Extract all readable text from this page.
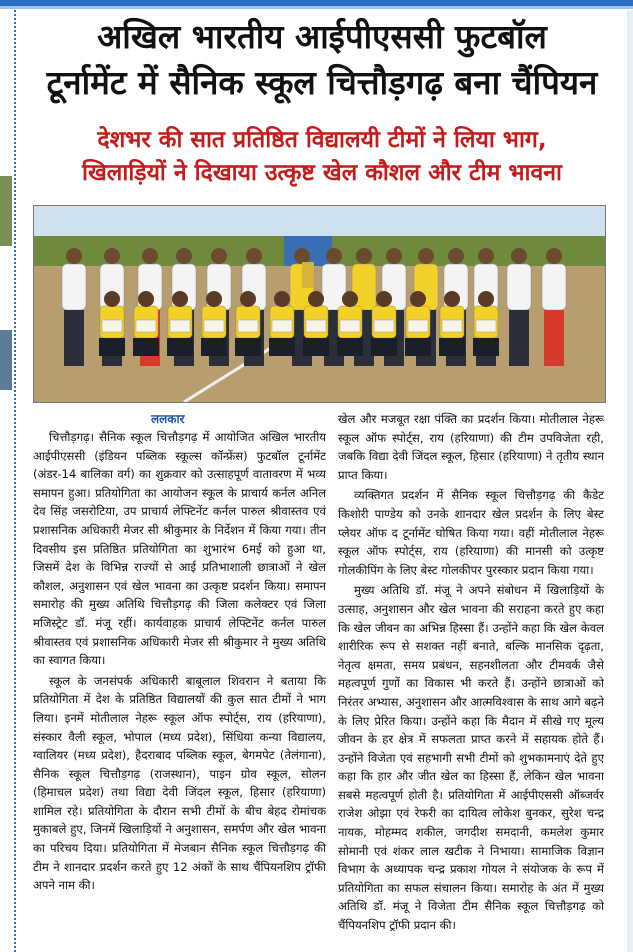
अखिल भारतीय आईपीएससी फुटबॉल
टूर्नामेंट में सैनिक स्कूल चित्तौड़गढ़ बना चैंपियन
देशभर की सात प्रतिष्ठित विद्यालयी टीमों ने लिया भाग,
खिलाड़ियों ने दिखाया उत्कृष्ट खेल कौशल और टीम भावना
ललकार

चित्तौड़गढ़। सैनिक स्कूल चित्तौड़गढ़ में आयोजित अखिल भारतीय आईपीएससी (इंडियन पब्लिक स्कूल्स कॉन्फ्रेंस) फुटबॉल टूर्नामेंट (अंडर-14 बालिका वर्ग) का शुक्रवार को उत्साहपूर्ण वातावरण में भव्य समापन हुआ। प्रतियोगिता का आयोजन स्कूल के प्राचार्य कर्नल अनिल देव सिंह जसरोटिया, उप प्राचार्य लेफ्टिनेंट कर्नल पारुल श्रीवास्तव एवं प्रशासनिक अधिकारी मेजर सी श्रीकुमार के निर्देशन में किया गया। तीन दिवसीय इस प्रतिष्ठित प्रतियोगिता का शुभारंभ 6मई को हुआ था, जिसमें देश के विभिन्न राज्यों से आई प्रतिभाशाली छात्राओं ने खेल कौशल, अनुशासन एवं खेल भावना का उत्कृष्ट प्रदर्शन किया। समापन समारोह की मुख्य अतिथि चित्तौड़गढ़ की जिला कलेक्टर एवं जिला मजिस्ट्रेट डॉ. मंजू रहीं। कार्यवाहक प्राचार्य लेफ्टिनेंट कर्नल पारुल श्रीवास्तव एवं प्रशासनिक अधिकारी मेजर सी श्रीकुमार ने मुख्य अतिथि का स्वागत किया।

स्कूल के जनसंपर्क अधिकारी बाबूलाल शिवरान ने बताया कि प्रतियोगिता में देश के प्रतिष्ठित विद्यालयों की कुल सात टीमों ने भाग लिया। इनमें मोतीलाल नेहरू स्कूल ऑफ स्पोर्ट्स, राय (हरियाणा), संस्कार वैली स्कूल, भोपाल (मध्य प्रदेश), सिंधिया कन्या विद्यालय, ग्वालियर (मध्य प्रदेश), हैदराबाद पब्लिक स्कूल, बेगमपेट (तेलंगाना), सैनिक स्कूल चित्तौड़गढ़ (राजस्थान), पाइन ग्रोव स्कूल, सोलन (हिमाचल प्रदेश) तथा विद्या देवी जिंदल स्कूल, हिसार (हरियाणा) शामिल रहे। प्रतियोगिता के दौरान सभी टीमों के बीच बेहद रोमांचक मुकाबले हुए, जिनमें खिलाड़ियों ने अनुशासन, समर्पण और खेल भावना का परिचय दिया। प्रतियोगिता में मेजबान सैनिक स्कूल चित्तौड़गढ़ की टीम ने शानदार प्रदर्शन करते हुए 12 अंकों के साथ चैंपियनशिप ट्रॉफी अपने नाम की।

खेल और मजबूत रक्षा पंक्ति का प्रदर्शन किया। मोतीलाल नेहरू स्कूल ऑफ स्पोर्ट्स, राय (हरियाणा) की टीम उपविजेता रही, जबकि विद्या देवी जिंदल स्कूल, हिसार (हरियाणा) ने तृतीय स्थान प्राप्त किया।

व्यक्तिगत प्रदर्शन में सैनिक स्कूल चित्तौड़गढ़ की कैडेट किशोरी पाण्डेय को उनके शानदार खेल प्रदर्शन के लिए बेस्ट प्लेयर ऑफ द टूर्नामेंट घोषित किया गया। वहीं मोतीलाल नेहरू स्कूल ऑफ स्पोर्ट्स, राय (हरियाणा) की मानसी को उत्कृष्ट गोलकीपिंग के लिए बेस्ट गोलकीपर पुरस्कार प्रदान किया गया।

मुख्य अतिथि डॉ. मंजू ने अपने संबोधन में खिलाड़ियों के उत्साह, अनुशासन और खेल भावना की सराहना करते हुए कहा कि खेल जीवन का अभिन्न हिस्सा हैं। उन्होंने कहा कि खेल केवल शारीरिक रूप से सशक्त नहीं बनाते, बल्कि मानसिक दृढ़ता, नेतृत्व क्षमता, समय प्रबंधन, सहनशीलता और टीमवर्क जैसे महत्वपूर्ण गुणों का विकास भी करते हैं। उन्होंने छात्राओं को निरंतर अभ्यास, अनुशासन और आत्मविश्वास के साथ आगे बढ़ने के लिए प्रेरित किया। उन्होंने कहा कि मैदान में सीखे गए मूल्य जीवन के हर क्षेत्र में सफलता प्राप्त करने में सहायक होते हैं। उन्होंने विजेता एवं सहभागी सभी टीमों को शुभकामनाएं देते हुए कहा कि हार और जीत खेल का हिस्सा हैं, लेकिन खेल भावना सबसे महत्वपूर्ण होती है। प्रतियोगिता में आईपीएससी ऑब्जर्वर राजेश ओझा एवं रेफरी का दायित्व लोकेश बुनकर, सुरेश चन्द्र नायक, मोहम्मद शकील, जगदीश समदानी, कमलेश कुमार सोमानी एवं शंकर लाल खटीक ने निभाया। सामाजिक विज्ञान विभाग के अध्यापक चन्द्र प्रकाश गोयल ने संयोजक के रूप में प्रतियोगिता का सफल संचालन किया। समारोह के अंत में मुख्य अतिथि डॉ. मंजू ने विजेता टीम सैनिक स्कूल चित्तौड़गढ़ को चैंपियनशिप ट्रॉफी प्रदान की।
